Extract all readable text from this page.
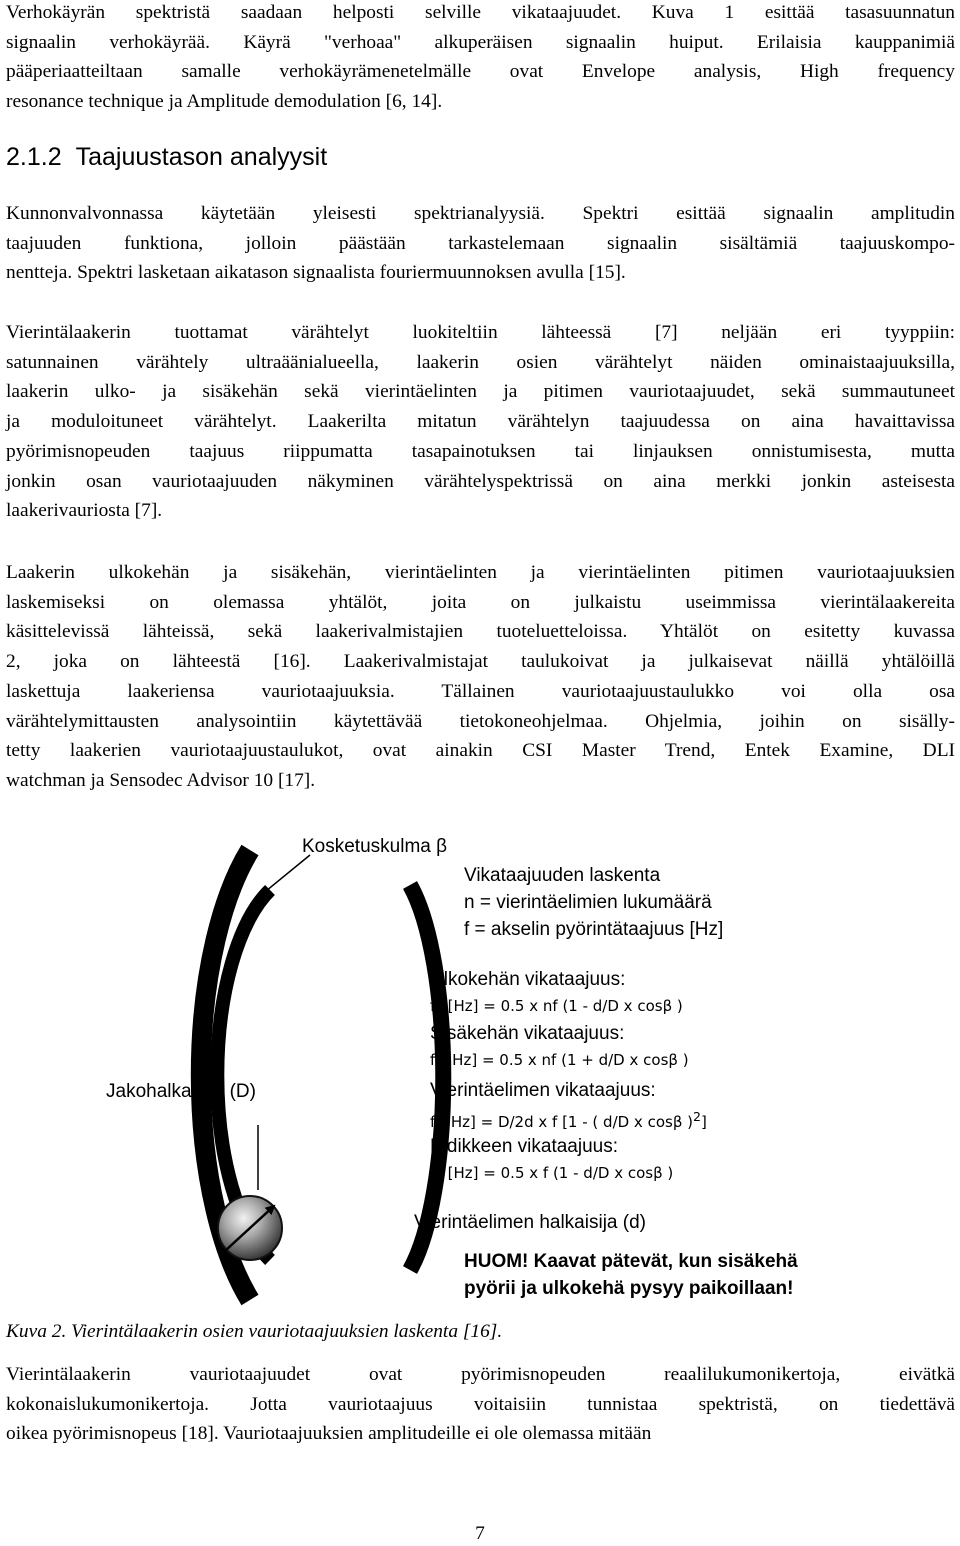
Verhokäyrän spektristä saadaan helposti selville vikataajuudet. Kuva 1 esittää tasasuunnatun
signaalin verhokäyrää. Käyrä "verhoaa" alkuperäisen signaalin huiput. Erilaisia kauppanimiä
pääperiaatteiltaan samalle verhokäyrämenetelmälle ovat Envelope analysis, High frequency
resonance technique ja Amplitude demodulation [6, 14].
2.1.2 Taajuustason analyysit
Kunnonvalvonnassa käytetään yleisesti spektrianalyysiä. Spektri esittää signaalin amplitudin
taajuuden funktiona, jolloin päästään tarkastelemaan signaalin sisältämiä taajuuskompo-
nentteja. Spektri lasketaan aikatason signaalista fouriermuunnoksen avulla [15].
Vierintälaakerin tuottamat värähtelyt luokiteltiin lähteessä [7] neljään eri tyyppiin:
satunnainen värähtely ultraäänialueella, laakerin osien värähtelyt näiden ominaistaajuuksilla,
laakerin ulko- ja sisäkehän sekä vierintäelinten ja pitimen vauriotaajuudet, sekä summautuneet
ja moduloituneet värähtelyt. Laakerilta mitatun värähtelyn taajuudessa on aina havaittavissa
pyörimisnopeuden taajuus riippumatta tasapainotuksen tai linjauksen onnistumisesta, mutta
jonkin osan vauriotaajuuden näkyminen värähtelyspektrissä on aina merkki jonkin asteisesta
laakerivauriosta [7].
Laakerin ulkokehän ja sisäkehän, vierintäelinten ja vierintäelinten pitimen vauriotaajuuksien
laskemiseksi on olemassa yhtälöt, joita on julkaistu useimmissa vierintälaakereita
käsittelevissä lähteissä, sekä laakerivalmistajien tuoteluetteloissa. Yhtälöt on esitetty kuvassa
2, joka on lähteestä [16]. Laakerivalmistajat taulukoivat ja julkaisevat näillä yhtälöillä
laskettuja laakeriensa vauriotaajuuksia. Tällainen vauriotaajuustaulukko voi olla osa
värähtelymittausten analysointiin käytettävää tietokoneohjelmaa. Ohjelmia, joihin on sisälly-
tetty laakerien vauriotaajuustaulukot, ovat ainakin CSI Master Trend, Entek Examine, DLI
watchman ja Sensodec Advisor 10 [17].

Kosketuskulma β

Vikataajuuden laskenta

n = vierintäelimien lukumäärä

f = akselin pyörintätaajuus [Hz]

Ulkokehän vikataajuus:

$f_u$ [Hz] = 0.5 x nf (1 - d/D x cosβ )

Sisäkehän vikataajuus:

$f_s$ [Hz] = 0.5 x nf (1 + d/D x cosβ )

Jakohalkaisija (D)	Vierintäelimen vikataajuus:

$f_r$ [Hz] = D/2d x f [1 - ( d/D x cosβ )$^2$]

Pidikkeen vikataajuus:

$f_p$ [Hz] = 0.5 x f (1 - d/D x cosβ )

Vierintäelimen halkaisija (d)

HUOM! Kaavat pätevät, kun sisäkehä

pyörii ja ulkokehä pysyy paikoillaan!

Kuva 2. Vierintälaakerin osien vauriotaajuuksien laskenta [16].

Vierintälaakerin vauriotaajuudet ovat pyörimisnopeuden reaalilukumonikertoja, eivätkä
kokonaislukumonikertoja. Jotta vauriotaajuus voitaisiin tunnistaa spektristä, on tiedettävä
oikea pyörimisnopeus [18]. Vauriotaajuuksien amplitudeille ei ole olemassa mitään
7
